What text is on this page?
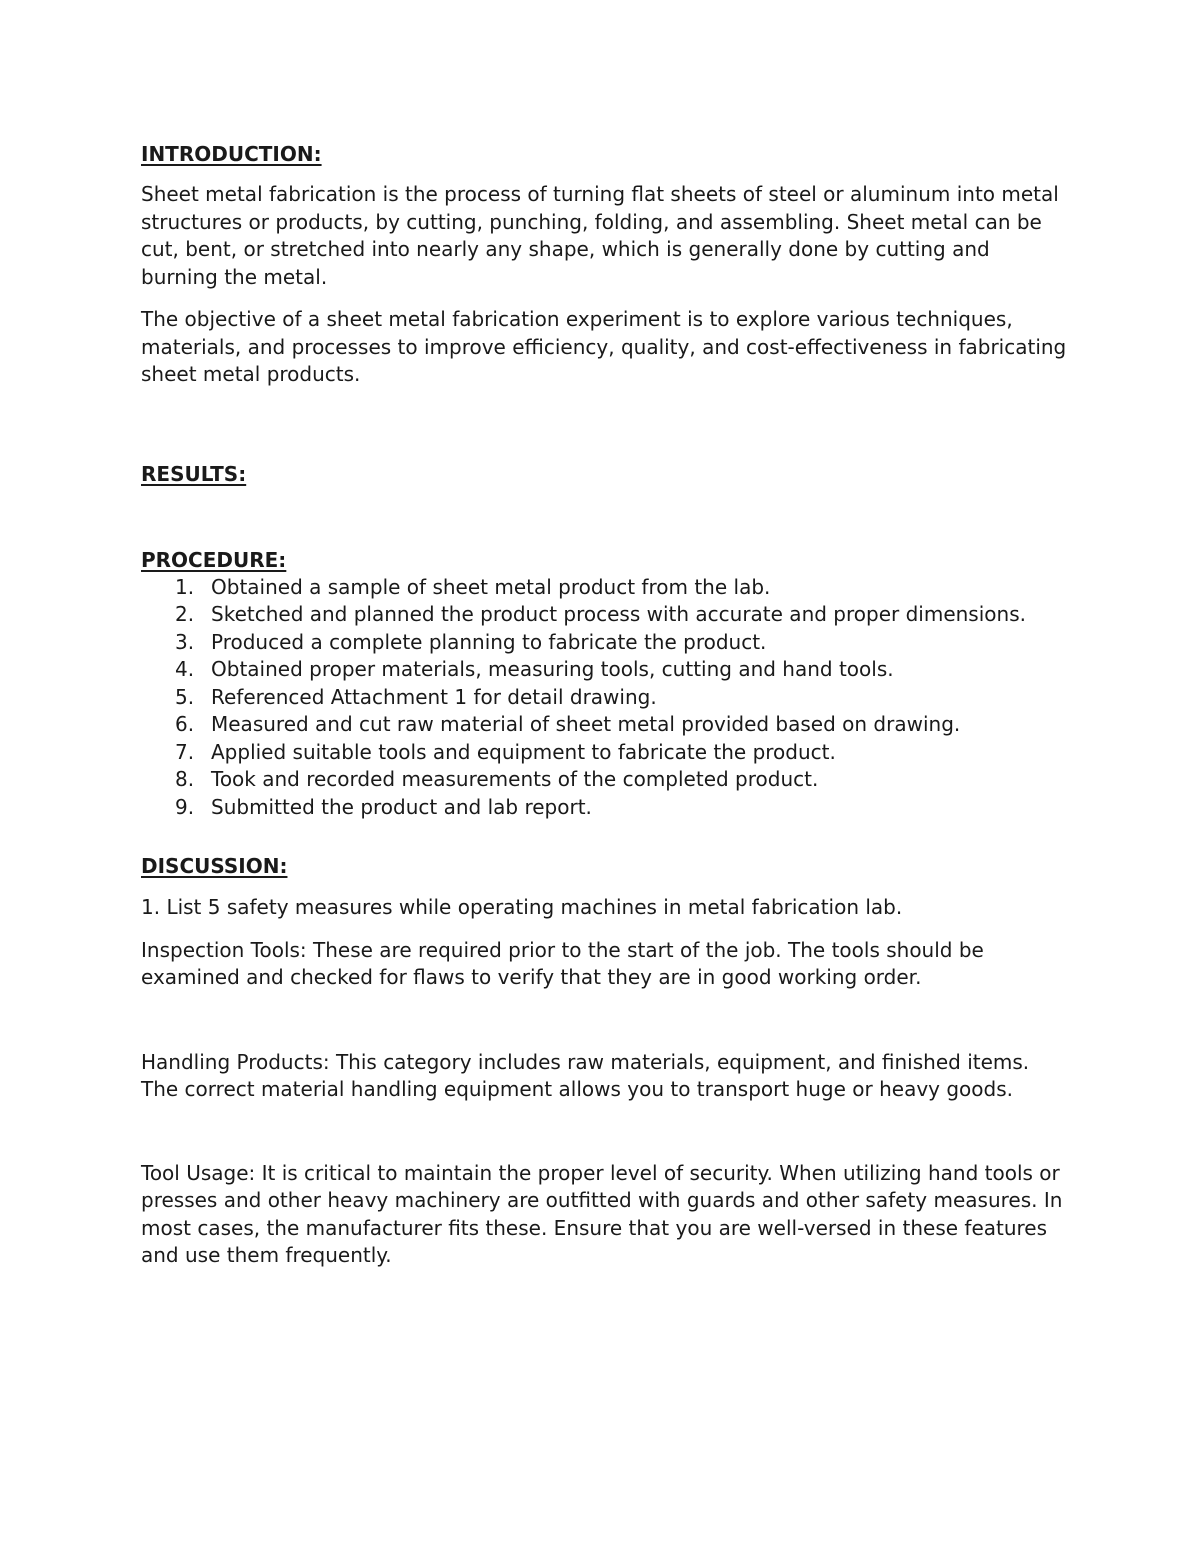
INTRODUCTION:

Sheet metal fabrication is the process of turning flat sheets of steel or aluminum into metal structures or products, by cutting, punching, folding, and assembling. Sheet metal can be cut, bent, or stretched into nearly any shape, which is generally done by cutting and burning the metal.

The objective of a sheet metal fabrication experiment is to explore various techniques, materials, and processes to improve efficiency, quality, and cost-effectiveness in fabricating sheet metal products.

RESULTS:
PROCEDURE:
1. Obtained a sample of sheet metal product from the lab.
2. Sketched and planned the product process with accurate and proper dimensions.
3. Produced a complete planning to fabricate the product.
4. Obtained proper materials, measuring tools, cutting and hand tools.
5. Referenced Attachment 1 for detail drawing.
6. Measured and cut raw material of sheet metal provided based on drawing.
7. Applied suitable tools and equipment to fabricate the product.
8. Took and recorded measurements of the completed product.
9. Submitted the product and lab report.
DISCUSSION:

1. List 5 safety measures while operating machines in metal fabrication lab.

Inspection Tools: These are required prior to the start of the job. The tools should be examined and checked for flaws to verify that they are in good working order.

Handling Products: This category includes raw materials, equipment, and finished items. The correct material handling equipment allows you to transport huge or heavy goods.

Tool Usage: It is critical to maintain the proper level of security. When utilizing hand tools or presses and other heavy machinery are outfitted with guards and other safety measures. In most cases, the manufacturer fits these. Ensure that you are well-versed in these features and use them frequently.
